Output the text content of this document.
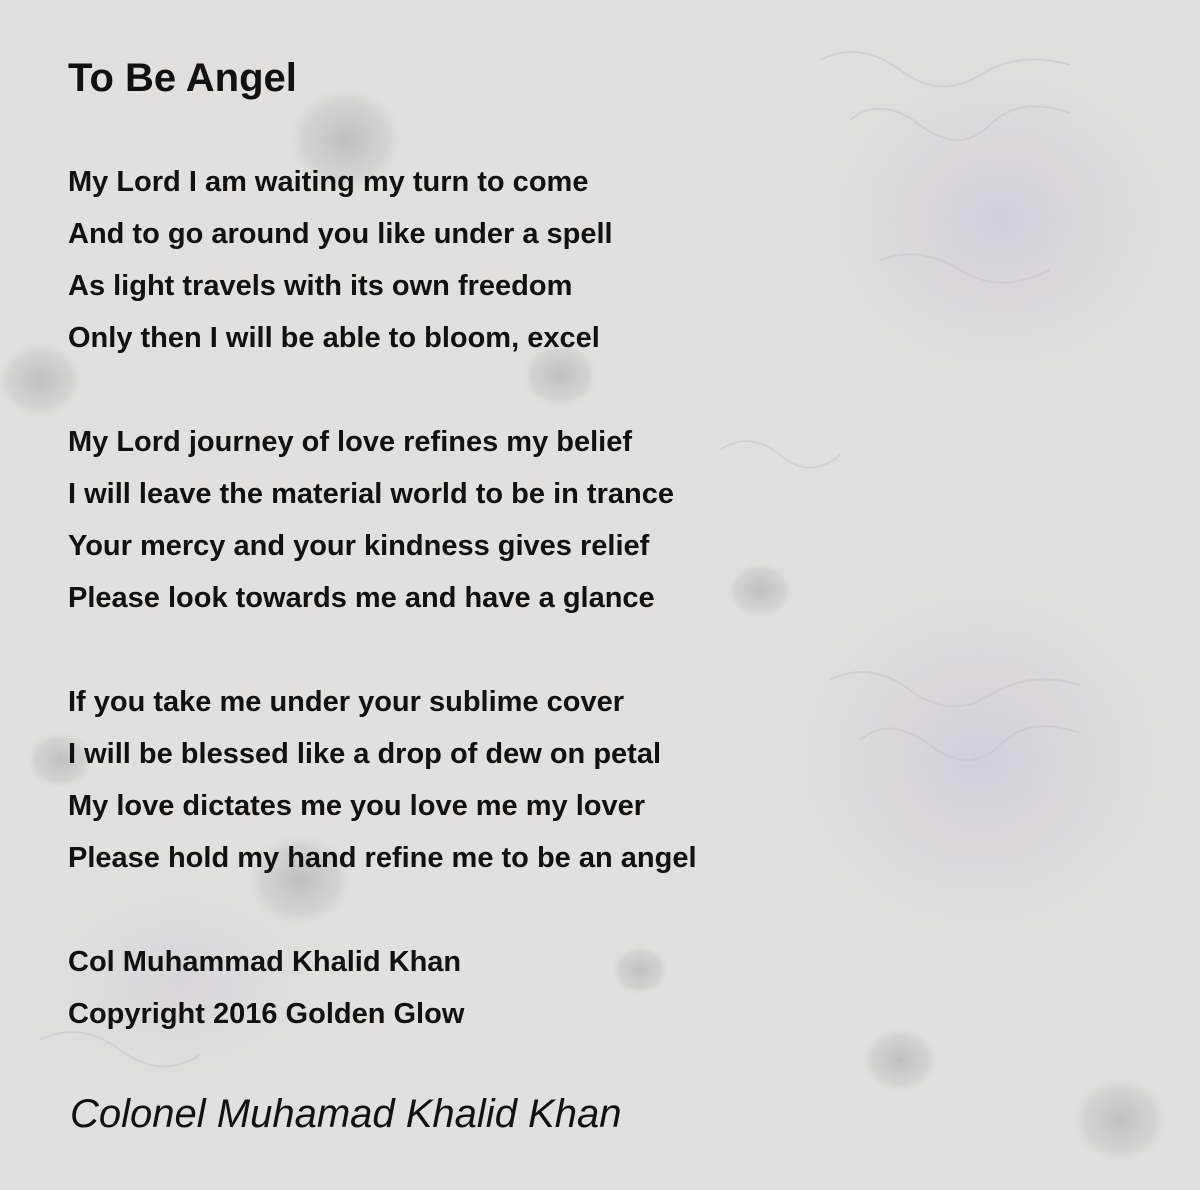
To Be Angel
My Lord I am waiting my turn to come
And to go around you like under a spell
As light travels with its own freedom
Only then I will be able to bloom, excel
My Lord journey of love refines my belief
I will leave the material world to be in trance
Your mercy and your kindness gives relief
Please look towards me and have a glance
If you take me under your sublime cover
I will be blessed like a drop of dew on petal
My love dictates me you love me my lover
Please hold my hand refine me to be an angel
Col Muhammad Khalid Khan
Copyright 2016 Golden Glow
Colonel Muhamad Khalid Khan
